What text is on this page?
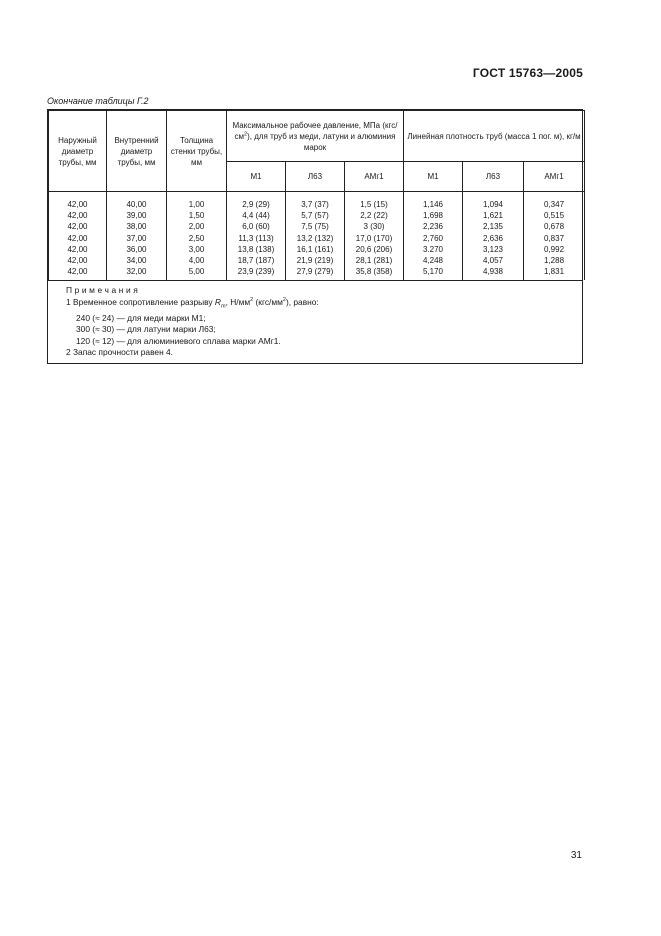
ГОСТ 15763—2005
Окончание таблицы Г.2
Наружный диаметр трубы, мм	Внутренний диаметр трубы, мм	Толщина стенки трубы, мм	Максимальное рабочее давление, МПа $(кгс/см^2)$, для труб из меди, латуни и алюминия марок			Линейная плотность труб (масса 1 пог. м), кг/м		
			М1	Л63	АМг1	М1	Л63	АМг1
42,00	40,00	1,00	2,9 (29)	3,7 (37)	1,5 (15)	1,146	1,094	0,347
42,00	39,00	1,50	4,4 (44)	5,7 (57)	2,2 (22)	1,698	1,621	0,515
42,00	38,00	2,00	6,0 (60)	7,5 (75)	3 (30)	2,236	2,135	0,678
42,00	37,00	2,50	11,3 (113)	13,2 (132)	17,0 (170)	2,760	2,636	0,837
42,00	36,00	3,00	13,8 (138)	16,1 (161)	20,6 (206)	3.270	3,123	0,992
42,00	34,00	4,00	18,7 (187)	21,9 (219)	28,1 (281)	4,248	4,057	1,288
42,00	32,00	5,00	23,9 (239)	27,9 (279)	35,8 (358)	5,170	4,938	1,831
Примечания
1 Временное сопротивление разрыву $R_m$, $Н/мм^2$ $(кгс/мм^2)$, равно:
240 (≈ 24) — для меди марки М1;
300 (≈ 30) — для латуни марки Л63;
120 (≈ 12) — для алюминиевого сплава марки АМг1.
2 Запас прочности равен 4.
31
